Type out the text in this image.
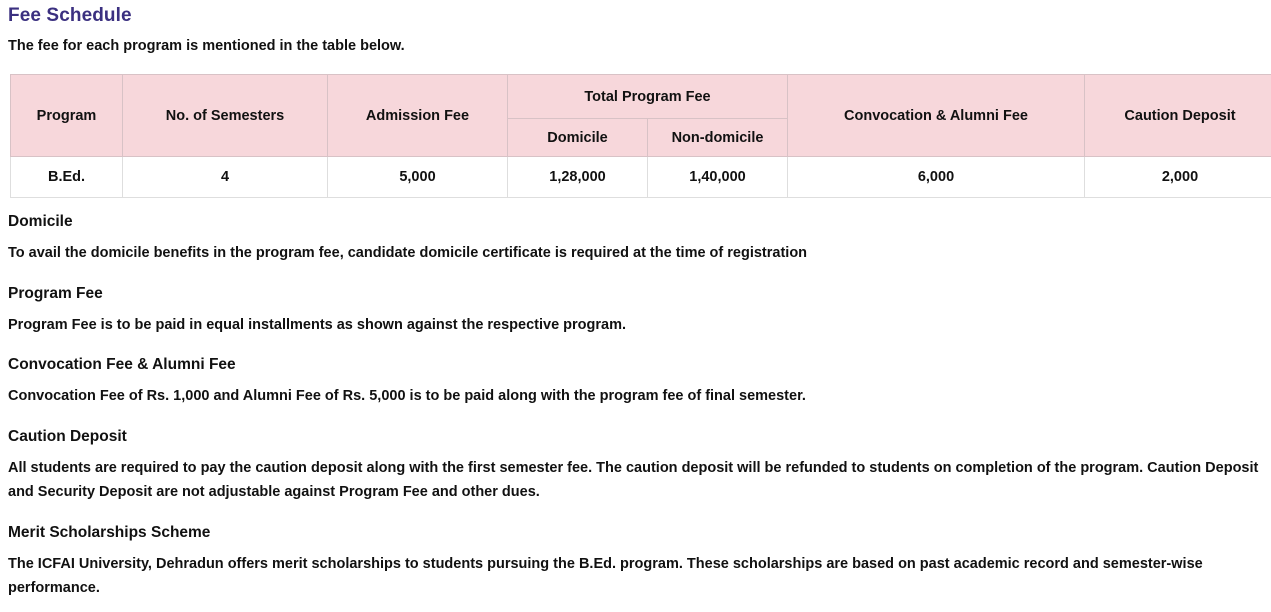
Fee Schedule
The fee for each program is mentioned in the table below.
Program	No. of Semesters	Admission Fee	Total Program Fee		Convocation & Alumni Fee	Caution Deposit

			Domicile	Non-domicile		

B.Ed.	4	5,000	1,28,000	1,40,000	6,000	2,000
Domicile

To avail the domicile benefits in the program fee, candidate domicile certificate is required at the time of registration

Program Fee

Program Fee is to be paid in equal installments as shown against the respective program.

Convocation Fee & Alumni Fee

Convocation Fee of Rs. 1,000 and Alumni Fee of Rs. 5,000 is to be paid along with the program fee of final semester.

Caution Deposit

All students are required to pay the caution deposit along with the first semester fee. The caution deposit will be refunded to students on completion of the program. Caution Deposit and Security Deposit are not adjustable against Program Fee and other dues.

Merit Scholarships Scheme

The ICFAI University, Dehradun offers merit scholarships to students pursuing the B.Ed. program. These scholarships are based on past academic record and semester-wise performance.
